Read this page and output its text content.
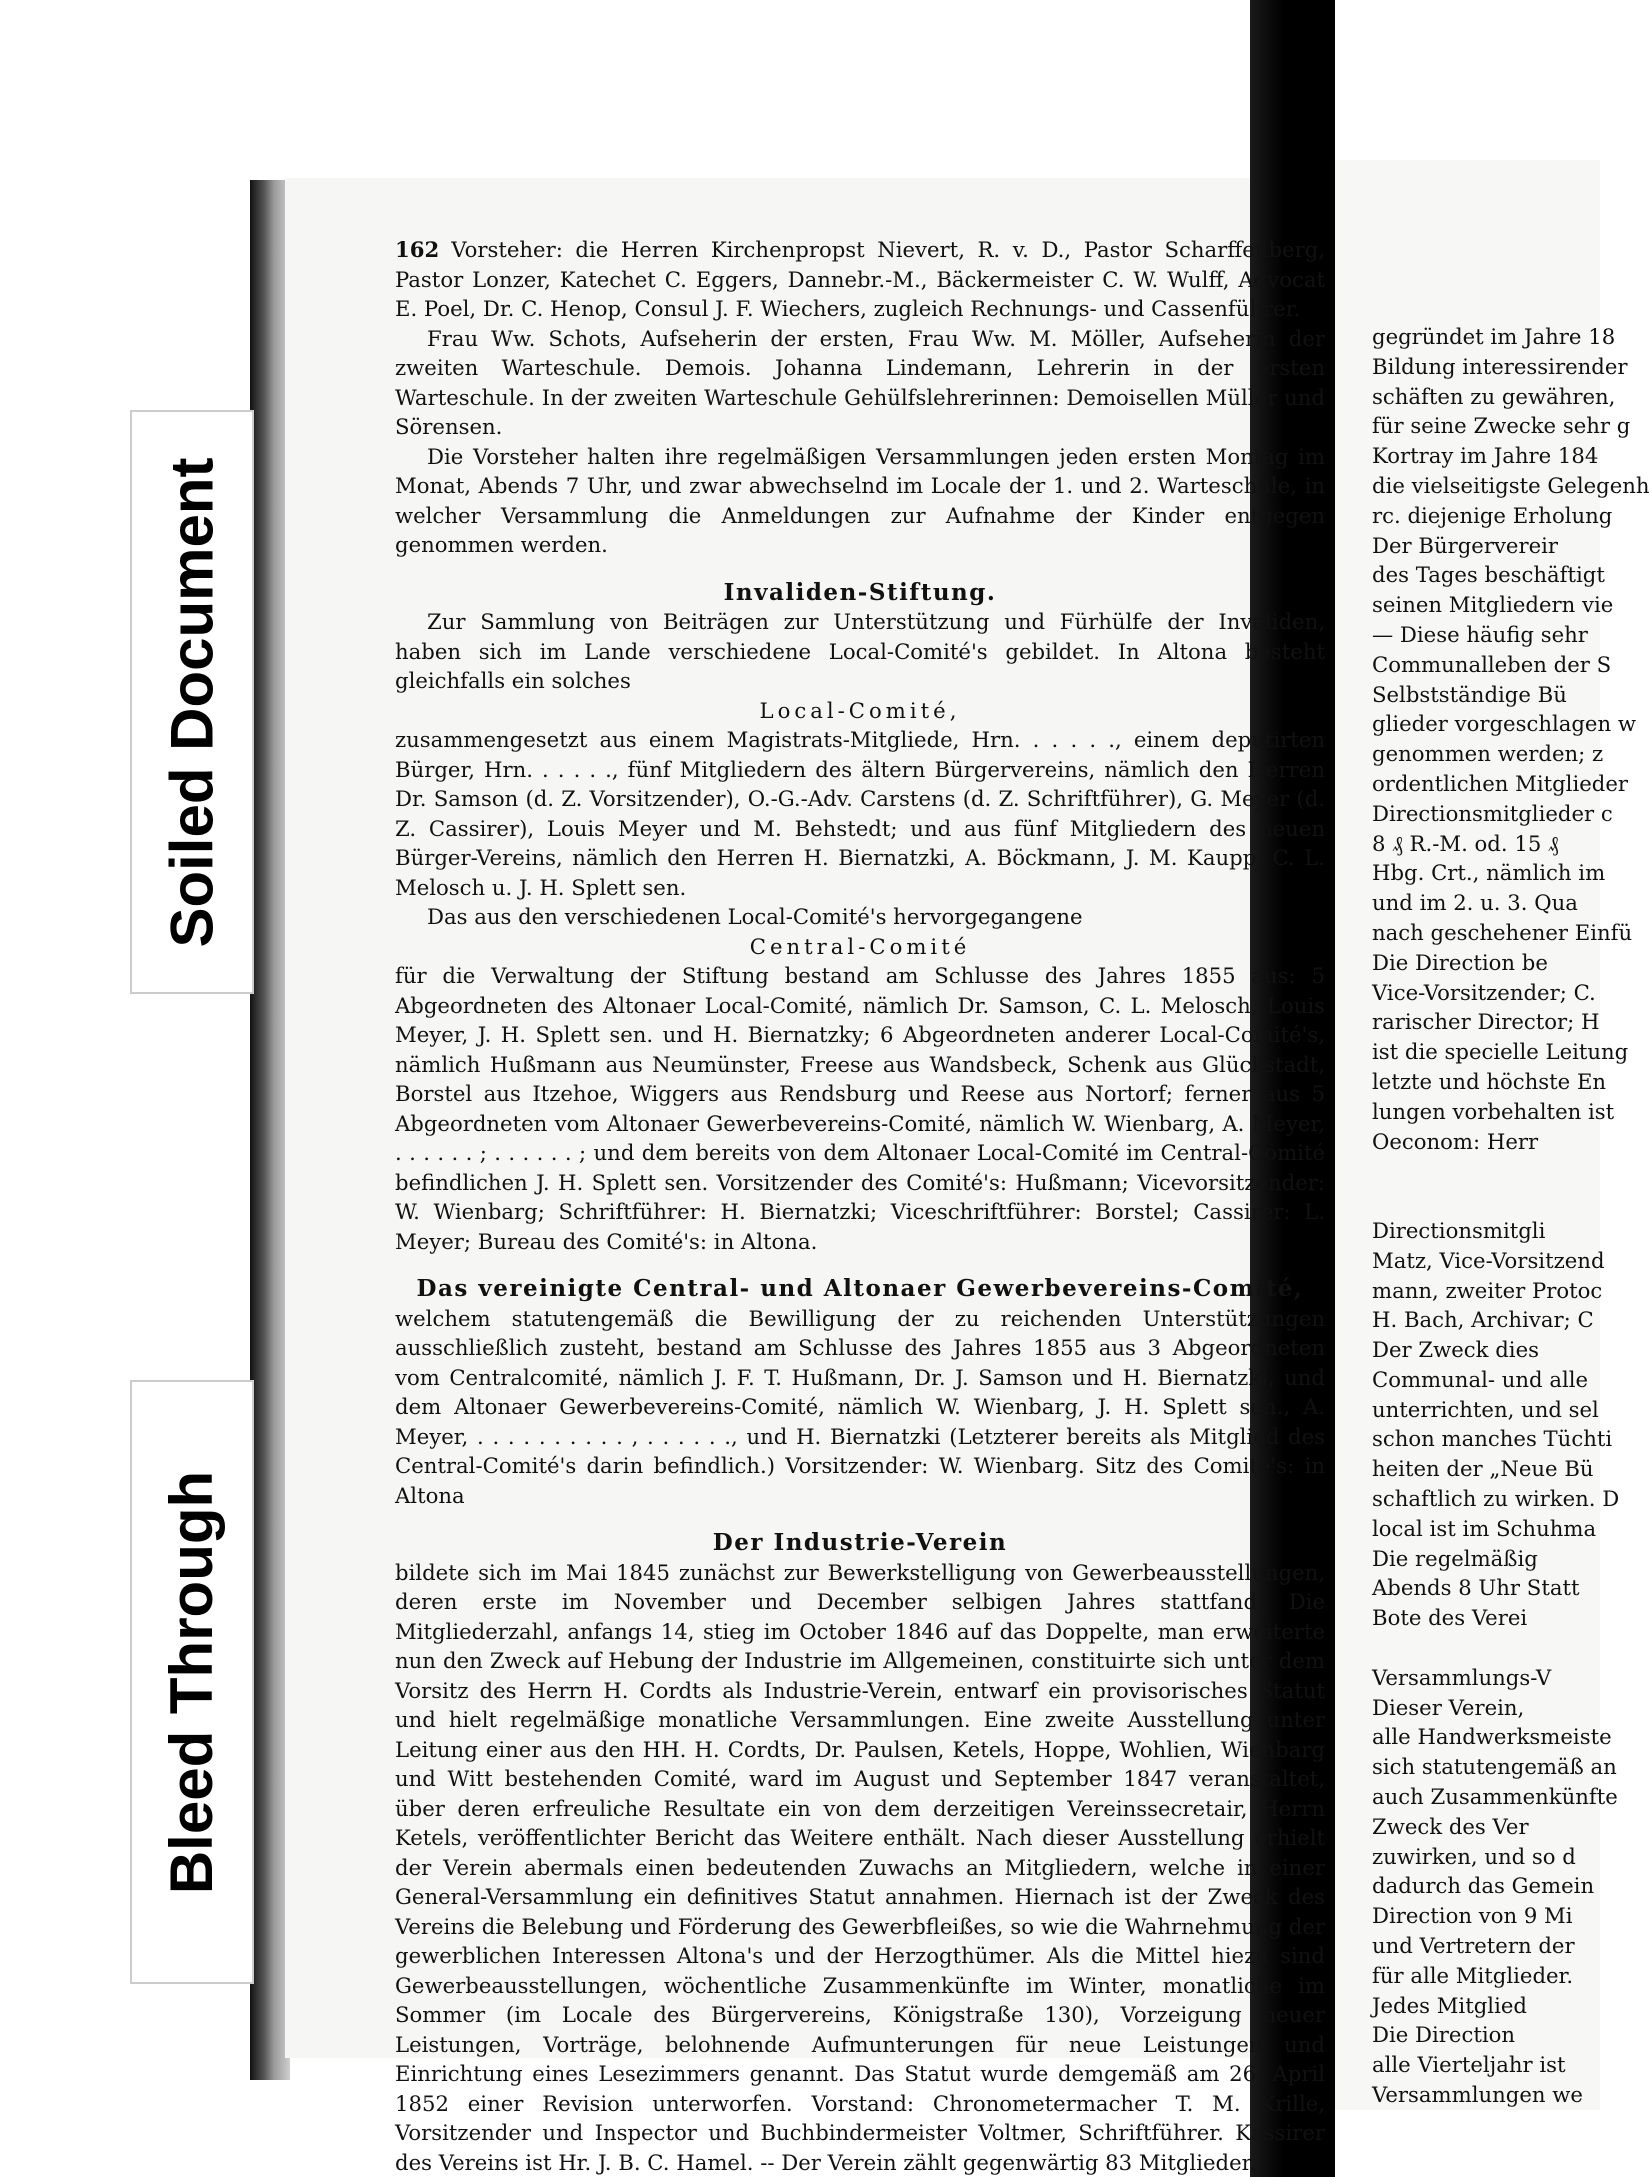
Soiled Document
Bleed Through

162 Vorsteher: die Herren Kirchenpropst Nievert, R. v. D., Pastor Scharffenberg, Pastor Lonzer, Katechet C. Eggers, Dannebr.-M., Bäckermeister C. W. Wulff, Advocat E. Poel, Dr. C. Henop, Consul J. F. Wiechers, zugleich Rechnungs- und Cassenführer.

Frau Ww. Schots, Aufseherin der ersten, Frau Ww. M. Möller, Aufseherin der zweiten Warteschule. Demois. Johanna Lindemann, Lehrerin in der ersten Warteschule. In der zweiten Warteschule Gehülfslehrerinnen: Demoisellen Müller und Sörensen.

Die Vorsteher halten ihre regelmäßigen Versammlungen jeden ersten Montag im Monat, Abends 7 Uhr, und zwar abwechselnd im Locale der 1. und 2. Warteschule, in welcher Versammlung die Anmeldungen zur Aufnahme der Kinder entgegen genommen werden.

Invaliden-Stiftung.

Zur Sammlung von Beiträgen zur Unterstützung und Fürhülfe der Invaliden, haben sich im Lande verschiedene Local-Comité's gebildet. In Altona besteht gleichfalls ein solches

Local-Comité,

zusammengesetzt aus einem Magistrats-Mitgliede, Hrn. . . . . ., einem deputirten Bürger, Hrn. . . . . ., fünf Mitgliedern des ältern Bürgervereins, nämlich den Herren Dr. Samson (d. Z. Vorsitzender), O.-G.-Adv. Carstens (d. Z. Schriftführer), G. Meyer (d. Z. Cassirer), Louis Meyer und M. Behstedt; und aus fünf Mitgliedern des neuen Bürger-Vereins, nämlich den Herren H. Biernatzki, A. Böckmann, J. M. Kaupp, C. L. Melosch u. J. H. Splett sen.

Das aus den verschiedenen Local-Comité's hervorgegangene

Central-Comité

für die Verwaltung der Stiftung bestand am Schlusse des Jahres 1855 aus: 5 Abgeordneten des Altonaer Local-Comité, nämlich Dr. Samson, C. L. Melosch, Louis Meyer, J. H. Splett sen. und H. Biernatzky; 6 Abgeordneten anderer Local-Comité's, nämlich Hußmann aus Neumünster, Freese aus Wandsbeck, Schenk aus Glückstadt, Borstel aus Itzehoe, Wiggers aus Rendsburg und Reese aus Nortorf; ferner aus 5 Abgeordneten vom Altonaer Gewerbevereins-Comité, nämlich W. Wienbarg, A. Meyer, . . . . . . ; . . . . . . ; und dem bereits von dem Altonaer Local-Comité im Central-Comité befindlichen J. H. Splett sen. Vorsitzender des Comité's: Hußmann; Vicevorsitzender: W. Wienbarg; Schriftführer: H. Biernatzki; Viceschriftführer: Borstel; Cassirer: L. Meyer; Bureau des Comité's: in Altona.

Das vereinigte Central- und Altonaer Gewerbevereins-Comité,

welchem statutengemäß die Bewilligung der zu reichenden Unterstützungen ausschließlich zusteht, bestand am Schlusse des Jahres 1855 aus 3 Abgeordneten vom Centralcomité, nämlich J. F. T. Hußmann, Dr. J. Samson und H. Biernatzki, und dem Altonaer Gewerbevereins-Comité, nämlich W. Wienbarg, J. H. Splett sen., A. Meyer, . . . . . . . . . . , . . . . . ., und H. Biernatzki (Letzterer bereits als Mitglied des Central-Comité's darin befindlich.) Vorsitzender: W. Wienbarg. Sitz des Comité's: in Altona

Der Industrie-Verein

bildete sich im Mai 1845 zunächst zur Bewerkstelligung von Gewerbeausstellungen, deren erste im November und December selbigen Jahres stattfand. Die Mitgliederzahl, anfangs 14, stieg im October 1846 auf das Doppelte, man erweiterte nun den Zweck auf Hebung der Industrie im Allgemeinen, constituirte sich unter dem Vorsitz des Herrn H. Cordts als Industrie-Verein, entwarf ein provisorisches Statut und hielt regelmäßige monatliche Versammlungen. Eine zweite Ausstellung unter Leitung einer aus den HH. H. Cordts, Dr. Paulsen, Ketels, Hoppe, Wohlien, Wienbarg und Witt bestehenden Comité, ward im August und September 1847 veranstaltet, über deren erfreuliche Resultate ein von dem derzeitigen Vereinssecretair, Herrn Ketels, veröffentlichter Bericht das Weitere enthält. Nach dieser Ausstellung erhielt der Verein abermals einen bedeutenden Zuwachs an Mitgliedern, welche in einer General-Versammlung ein definitives Statut annahmen. Hiernach ist der Zweck des Vereins die Belebung und Förderung des Gewerbfleißes, so wie die Wahrnehmung der gewerblichen Interessen Altona's und der Herzogthümer. Als die Mittel hiezu sind Gewerbeausstellungen, wöchentliche Zusammenkünfte im Winter, monatliche im Sommer (im Locale des Bürgervereins, Königstraße 130), Vorzeigung neuer Leistungen, Vorträge, belohnende Aufmunterungen für neue Leistungen und Einrichtung eines Lesezimmers genannt. Das Statut wurde demgemäß am 26. April 1852 einer Revision unterworfen. Vorstand: Chronometermacher T. M. Krille, Vorsitzender und Inspector und Buchbindermeister Voltmer, Schriftführer. Kassirer des Vereins ist Hr. J. B. C. Hamel. -- Der Verein zählt gegenwärtig 83 Mitglieder.

gegründet im Jahre 18
Bildung interessirender
schäften zu gewähren,
für seine Zwecke sehr g
Kortray im Jahre 184
die vielseitigste Gelegenh
rc. diejenige Erholung
Der Bürgervereir
des Tages beschäftigt
seinen Mitgliedern vie
— Diese häufig sehr
Communalleben der S
Selbstständige Bü
glieder vorgeschlagen w
genommen werden; z
ordentlichen Mitglieder
Directionsmitglieder c
8 ₰ R.-M. od. 15 ₰
Hbg. Crt., nämlich im
und im 2. u. 3. Qua
nach geschehener Einfü
Die Direction be
Vice-Vorsitzender; C.
rarischer Director; H
ist die specielle Leitung
letzte und höchste En
lungen vorbehalten ist
Oeconom: Herr
Directionsmitgli
Matz, Vice-Vorsitzend
mann, zweiter Protoc
H. Bach, Archivar; C
Der Zweck dies
Communal- und alle
unterrichten, und sel
schon manches Tüchti
heiten der „Neue Bü
schaftlich zu wirken. D
local ist im Schuhma
Die regelmäßig
Abends 8 Uhr Statt
Bote des Verei
Versammlungs-V
Dieser Verein,
alle Handwerksmeiste
sich statutengemäß an
auch Zusammenkünfte
Zweck des Ver
zuwirken, und so d
dadurch das Gemein
Direction von 9 Mi
und Vertretern der
für alle Mitglieder.
Jedes Mitglied
Die Direction
alle Vierteljahr ist
Versammlungen we
